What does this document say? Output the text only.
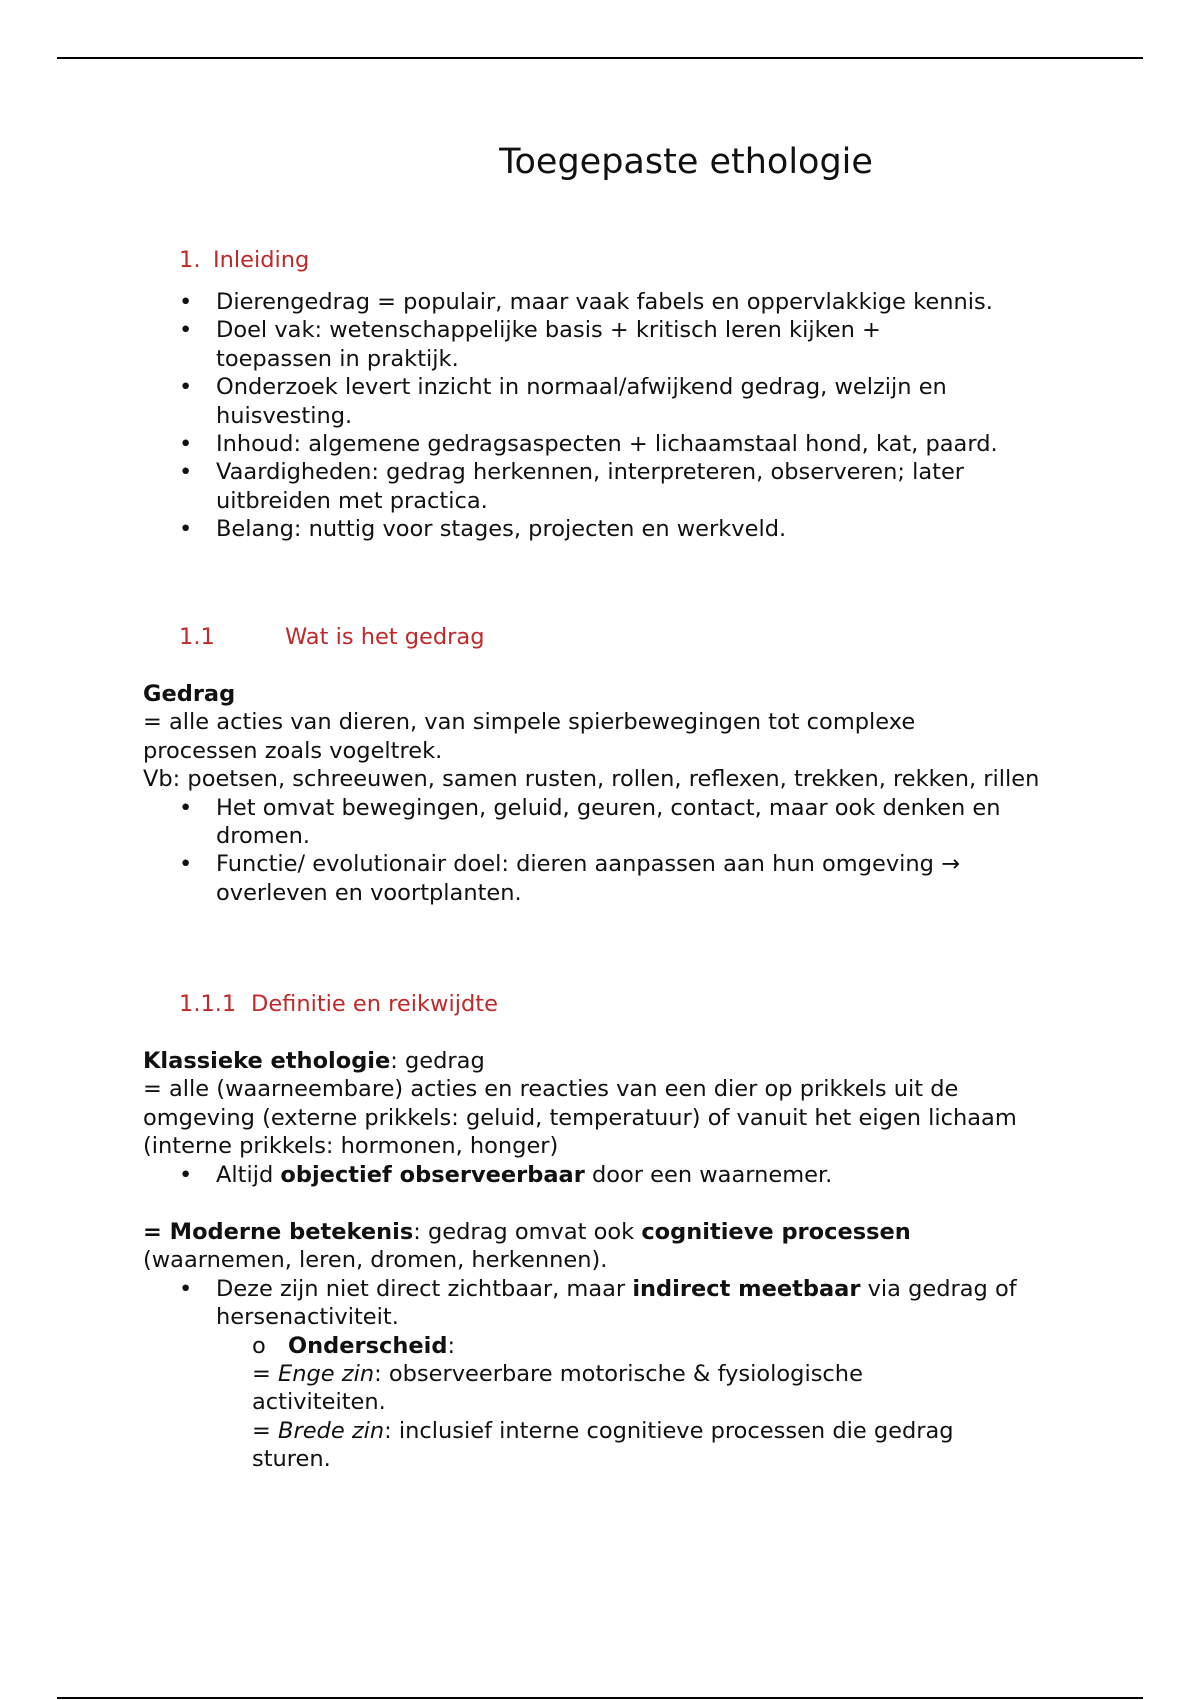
Toegepaste ethologie
1. Inleiding
• Dierengedrag = populair, maar vaak fabels en oppervlakkige kennis.
• Doel vak: wetenschappelijke basis + kritisch leren kijken + toepassen in praktijk.
• Onderzoek levert inzicht in normaal/afwijkend gedrag, welzijn en huisvesting.
• Inhoud: algemene gedragsaspecten + lichaamstaal hond, kat, paard.
• Vaardigheden: gedrag herkennen, interpreteren, observeren; later uitbreiden met practica.
• Belang: nuttig voor stages, projecten en werkveld.
1.1	Wat is het gedrag

Gedrag

= alle acties van dieren, van simpele spierbewegingen tot complexe processen zoals vogeltrek.

Vb: poetsen, schreeuwen, samen rusten, rollen, reflexen, trekken, rekken, rillen

• Het omvat bewegingen, geluid, geuren, contact, maar ook denken en dromen.
• Functie/ evolutionair doel: dieren aanpassen aan hun omgeving → overleven en voortplanten.
1.1.1 Definitie en reikwijdte

Klassieke ethologie: gedrag

= alle (waarneembare) acties en reacties van een dier op prikkels uit de omgeving (externe prikkels: geluid, temperatuur) of vanuit het eigen lichaam (interne prikkels: hormonen, honger)

• Altijd objectief observeerbaar door een waarnemer.

= Moderne betekenis: gedrag omvat ook cognitieve processen

(waarnemen, leren, dromen, herkennen).

• Deze zijn niet direct zichtbaar, maar indirect meetbaar via gedrag of hersenactiviteit.
o Onderscheid:

= Enge zin: observeerbare motorische & fysiologische activiteiten.

= Brede zin: inclusief interne cognitieve processen die gedrag sturen.
